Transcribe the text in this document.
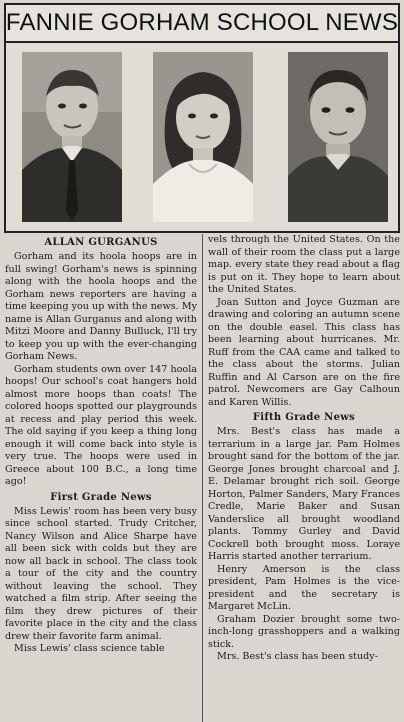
FANNIE GORHAM SCHOOL NEWS
ALLAN GURGANUS

Gorham and its hoola hoops are in full swing! Gorham's news is spinning along with the hoola hoops and the Gorham news reporters are having a time keeping you up with the news. My name is Allan Gurganus and along with Mitzi Moore and Danny Bulluck, I'll try to keep you up with the ever-changing Gorham News.

Gorham students own over 147 hoola hoops! Our school's coat hangers hold almost more hoops than coats! The colored hoops spotted our playgrounds at recess and play period this week. The old saying if you keep a thing long enough it will come back into style is very true. The hoops were used in Greece about 100 B.C., a long time ago!

First Grade News

Miss Lewis' room has been very busy since school started. Trudy Critcher, Nancy Wilson and Alice Sharpe have all been sick with colds but they are now all back in school. The class took a tour of the city and the country without leaving the school. They watched a film strip. After seeing the film they drew pictures of their favorite place in the city and the class drew their favorite farm animal.

Miss Lewis' class science table

vels through the United States. On the wall of their room the class put a large map. every state they read about a flag is put on it. They hope to learn about the United States.

Joan Sutton and Joyce Guzman are drawing and coloring an autumn scene on the double easel. This class has been learning about hurricanes. Mr. Ruff from the CAA came and talked to the class about the storms. Julian Ruffin and Al Carson are on the fire patrol. Newcomers are Gay Calhoun and Karen Willis.

Fifth Grade News

Mrs. Best's class has made a terrarium in a large jar. Pam Holmes brought sand for the bottom of the jar. George Jones brought charcoal and J. E. Delamar brought rich soil. George Horton, Palmer Sanders, Mary Frances Credle, Marie Baker and Susan Vanderslice all brought woodland plants. Tommy Gurley and David Cockrell both brought moss. Loraye Harris started another terrarium.

Henry Amerson is the class president, Pam Holmes is the vice-president and the secretary is Margaret McLin.

Graham Dozier brought some two-inch-long grasshoppers and a walking stick.

Mrs. Best's class has been study-
